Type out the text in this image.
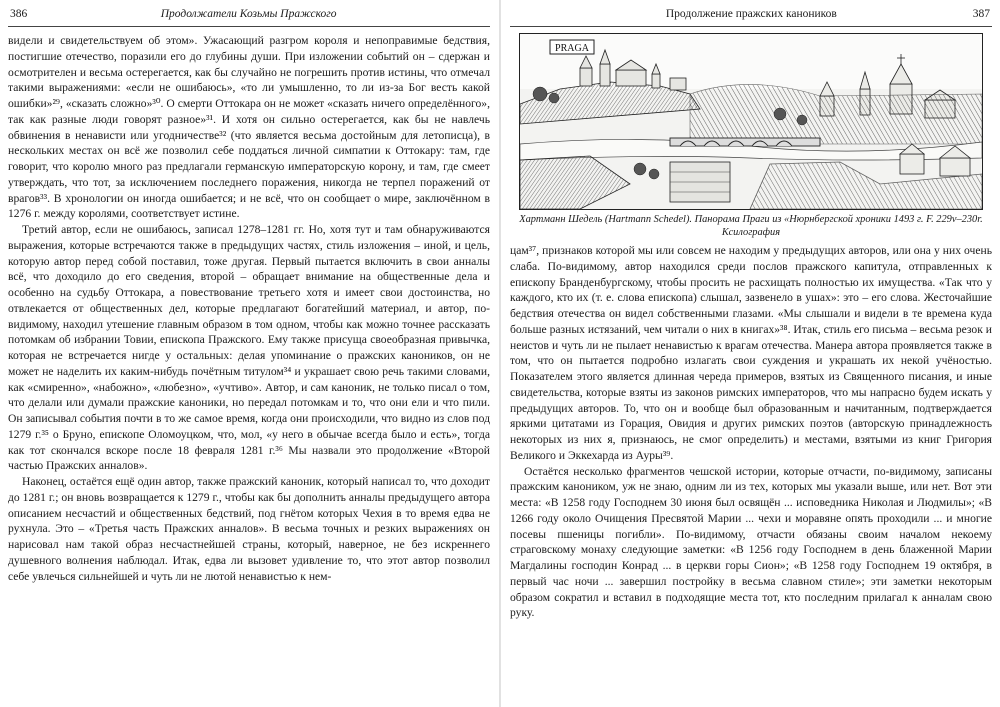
386	Продолжатели Козьмы Пражского

видели и свидетельствуем об этом». Ужасающий разгром короля и непоправимые бедствия, постигшие отечество, поразили его до глубины души. При изложении событий он – сдержан и осмотрителен и весьма остерегается, как бы случайно не погрешить против истины, что отмечал такими выражениями: «если не ошибаюсь», «то ли умышленно, то ли из-за Бог весть какой ошибки»²⁹, «сказать сложно»³⁰. О смерти Оттокара он не может «сказать ничего определённого», так как разные люди говорят разное»³¹. И хотя он сильно остерегается, как бы не навлечь обвинения в ненависти или угодничестве³² (что является весьма достойным для летописца), в нескольких местах он всё же позволил себе поддаться личной симпатии к Оттокару: там, где говорит, что королю много раз предлагали германскую императорскую корону, и там, где смеет утверждать, что тот, за исключением последнего поражения, никогда не терпел поражений от врагов³³. В хронологии он иногда ошибается; и не всё, что он сообщает о мире, заключённом в 1276 г. между королями, соответствует истине.

Третий автор, если не ошибаюсь, записал 1278–1281 гг. Но, хотя тут и там обнаруживаются выражения, которые встречаются также в предыдущих частях, стиль изложения – иной, и цель, которую автор перед собой поставил, тоже другая. Первый пытается включить в свои анналы всё, что доходило до его сведения, второй – обращает внимание на общественные дела и особенно на судьбу Оттокара, а повествование третьего хотя и имеет свои достоинства, но отвлекается от общественных дел, которые предлагают богатейший материал, и автор, по-видимому, находил утешение главным образом в том одном, чтобы как можно точнее рассказать потомкам об избрании Товии, епископа Пражского. Ему также присуща своеобразная привычка, которая не встречается нигде у остальных: делая упоминание о пражских каноников, он не может не наделить их каким-нибудь почётным титулом³⁴ и украшает свою речь такими словами, как «смиренно», «набожно», «любезно», «учтиво». Автор, и сам каноник, не только писал о том, что делали или думали пражские каноники, но передал потомкам и то, что они ели и что пили. Он записывал события почти в то же самое время, когда они происходили, что видно из слов под 1279 г.³⁵ о Бруно, епископе Оломоуцком, что, мол, «у него в обычае всегда было и есть», тогда как тот скончался вскоре после 18 февраля 1281 г.³⁶ Мы назвали это продолжение «Второй частью Пражских анналов».

Наконец, остаётся ещё один автор, также пражский каноник, который написал то, что доходит до 1281 г.; он вновь возвращается к 1279 г., чтобы как бы дополнить анналы предыдущего автора описанием несчастий и общественных бедствий, под гнётом которых Чехия в то время едва не рухнула. Это – «Третья часть Пражских анналов». В весьма точных и резких выражениях он нарисовал нам такой образ несчастнейшей страны, который, наверное, не без искреннего душевного волнения наблюдал. Итак, едва ли вызовет удивление то, что этот автор позволил себе увлечься сильнейшей и чуть ли не лютой ненавистью к нем-

Продолжение пражских каноников	387
PRAGA
Хартманн Шедель (Hartmann Schedel). Панорама Праги из «Нюрнбергской хроники 1493 г. F. 229v–230r. Ксилография

цам³⁷, признаков которой мы или совсем не находим у предыдущих авторов, или она у них очень слаба. По-видимому, автор находился среди послов пражского капитула, отправленных к епископу Бранденбургскому, чтобы просить не расхищать полностью их имущества. «Так что у каждого, кто их (т. е. слова епископа) слышал, зазвенело в ушах»: это – его слова. Жесточайшие бедствия отечества он видел собственными глазами. «Мы слышали и видели в те времена куда больше разных истязаний, чем читали о них в книгах»³⁸. Итак, стиль его письма – весьма резок и неистов и чуть ли не пылает ненавистью к врагам отечества. Манера автора проявляется также в том, что он пытается подробно излагать свои суждения и украшать их некой учёностью. Показателем этого является длинная череда примеров, взятых из Священного писания, и иные свидетельства, которые взяты из законов римских императоров, что мы напрасно будем искать у предыдущих авторов. То, что он и вообще был образованным и начитанным, подтверждается яркими цитатами из Горация, Овидия и других римских поэтов (авторскую принадлежность некоторых из них я, признаюсь, не смог определить) и местами, взятыми из книг Григория Великого и Эккехарда из Ауры³⁹.

Остаётся неcколько фрагментов чешской истории, которые отчасти, по-видимому, записаны пражским каноником, уж не знаю, одним ли из тех, которых мы указали выше, или нет. Вот эти места: «В 1258 году Господнем 30 июня был освящён ... исповедника Николая и Людмилы»; «В 1266 году около Очищения Пресвятой Марии ... чехи и моравяне опять проходили ... и многие посевы пшеницы погибли». По-видимому, отчасти обязаны своим началом некоему страговскому монаху следующие заметки: «В 1256 году Господнем в день блаженной Марии Магдалины господин Конрад ... в церкви горы Сион»; «В 1258 году Господнем 19 октября, в первый час ночи ... завершил постройку в весьма славном стиле»; эти заметки некоторым образом сократил и вставил в подходящие места тот, кто последним прилагал к анналам свою руку.
